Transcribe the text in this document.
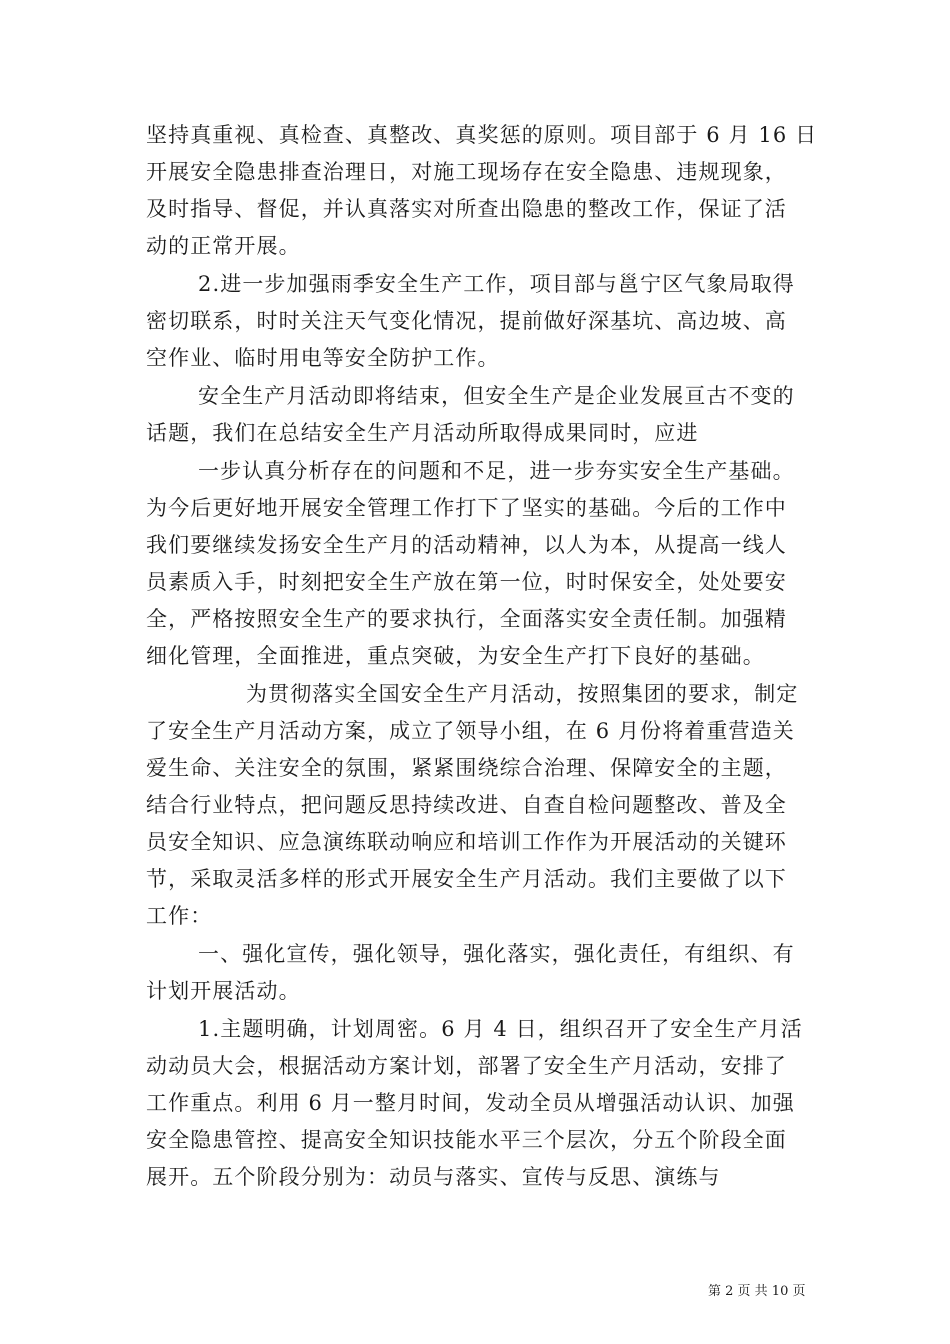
坚持真重视、真检查、真整改、真奖惩的原则。项目部于 6 月 16 日
开展安全隐患排查治理日，对施工现场存在安全隐患、违规现象，
及时指导、督促，并认真落实对所查出隐患的整改工作，保证了活
动的正常开展。
2.进一步加强雨季安全生产工作，项目部与邕宁区气象局取得
密切联系，时时关注天气变化情况，提前做好深基坑、高边坡、高
空作业、临时用电等安全防护工作。
安全生产月活动即将结束，但安全生产是企业发展亘古不变的
话题，我们在总结安全生产月活动所取得成果同时，应进
一步认真分析存在的问题和不足，进一步夯实安全生产基础。
为今后更好地开展安全管理工作打下了坚实的基础。今后的工作中
我们要继续发扬安全生产月的活动精神，以人为本，从提高一线人
员素质入手，时刻把安全生产放在第一位，时时保安全，处处要安
全，严格按照安全生产的要求执行，全面落实安全责任制。加强精
细化管理，全面推进，重点突破，为安全生产打下良好的基础。
为贯彻落实全国安全生产月活动，按照集团的要求，制定
了安全生产月活动方案，成立了领导小组，在 6 月份将着重营造关
爱生命、关注安全的氛围，紧紧围绕综合治理、保障安全的主题，
结合行业特点，把问题反思持续改进、自查自检问题整改、普及全
员安全知识、应急演练联动响应和培训工作作为开展活动的关键环
节，采取灵活多样的形式开展安全生产月活动。我们主要做了以下
工作：
一、强化宣传，强化领导，强化落实，强化责任，有组织、有
计划开展活动。
1.主题明确，计划周密。6 月 4 日，组织召开了安全生产月活
动动员大会，根据活动方案计划，部署了安全生产月活动，安排了
工作重点。利用 6 月一整月时间，发动全员从增强活动认识、加强
安全隐患管控、提高安全知识技能水平三个层次，分五个阶段全面
展开。五个阶段分别为：动员与落实、宣传与反思、演练与
第 2 页 共 10 页
